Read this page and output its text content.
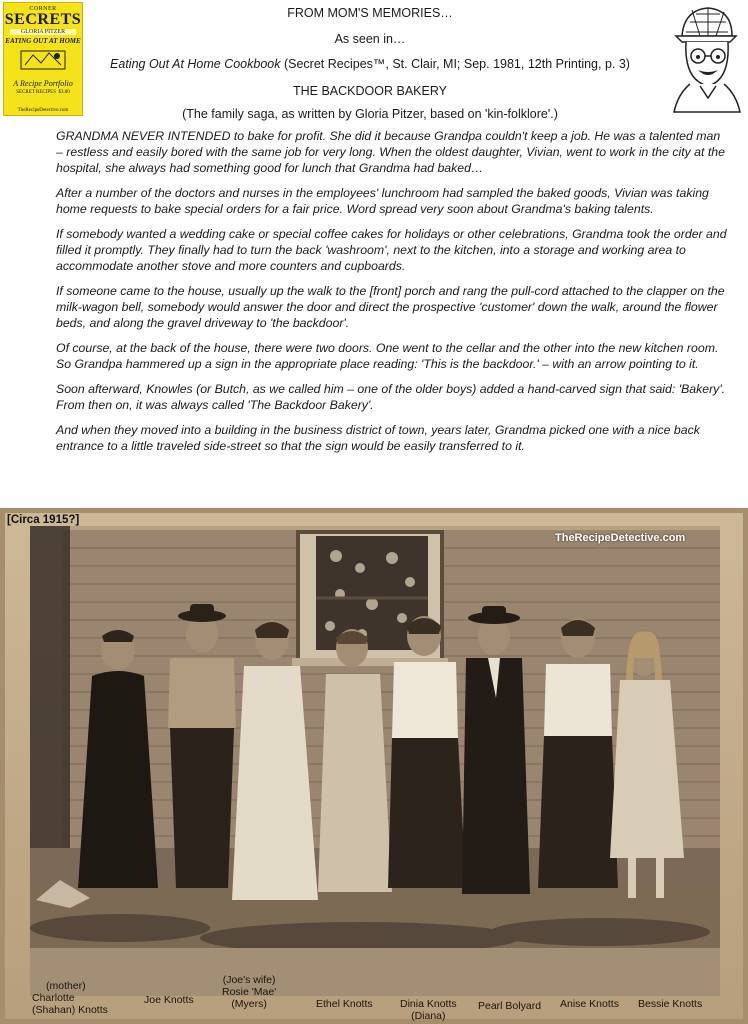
CORNER
SECRETS
GLORIA PITZER
EATING OUT AT HOME
A Recipe Portfolio
SECRET RECIPES $3.00
TheRecipeDetective.com
FROM MOM'S MEMORIES…
As seen in…
Eating Out At Home Cookbook (Secret Recipes™, St. Clair, MI; Sep. 1981, 12th Printing, p. 3)
THE BACKDOOR BAKERY
(The family saga, as written by Gloria Pitzer, based on 'kin-folklore'.)

GRANDMA NEVER INTENDED to bake for profit. She did it because Grandpa couldn't keep a job. He was a talented man – restless and easily bored with the same job for very long. When the oldest daughter, Vivian, went to work in the city at the hospital, she always had something good for lunch that Grandma had baked…

After a number of the doctors and nurses in the employees' lunchroom had sampled the baked goods, Vivian was taking home requests to bake special orders for a fair price. Word spread very soon about Grandma's baking talents.

If somebody wanted a wedding cake or special coffee cakes for holidays or other celebrations, Grandma took the order and filled it promptly. They finally had to turn the back 'washroom', next to the kitchen, into a storage and working area to accommodate another stove and more counters and cupboards.

If someone came to the house, usually up the walk to the [front] porch and rang the pull-cord attached to the clapper on the milk-wagon bell, somebody would answer the door and direct the prospective 'customer' down the walk, around the flower beds, and along the gravel driveway to 'the backdoor'.

Of course, at the back of the house, there were two doors. One went to the cellar and the other into the new kitchen room. So Grandpa hammered up a sign in the appropriate place reading: 'This is the backdoor.' – with an arrow pointing to it.

Soon afterward, Knowles (or Butch, as we called him – one of the older boys) added a hand-carved sign that said: 'Bakery'. From then on, it was always called 'The Backdoor Bakery'.

And when they moved into a building in the business district of town, years later, Grandma picked one with a nice back entrance to a little traveled side-street so that the sign would be easily transferred to it.

[Circa 1915?]
TheRecipeDetective.com
(mother)
Charlotte
(Shahan) Knotts
Joe Knotts
(Joe's wife)
Rosie 'Mae'
(Myers)	Ethel Knotts	Dinia Knotts
(Diana)
Pearl Bolyard Anise Knotts Bessie Knotts
